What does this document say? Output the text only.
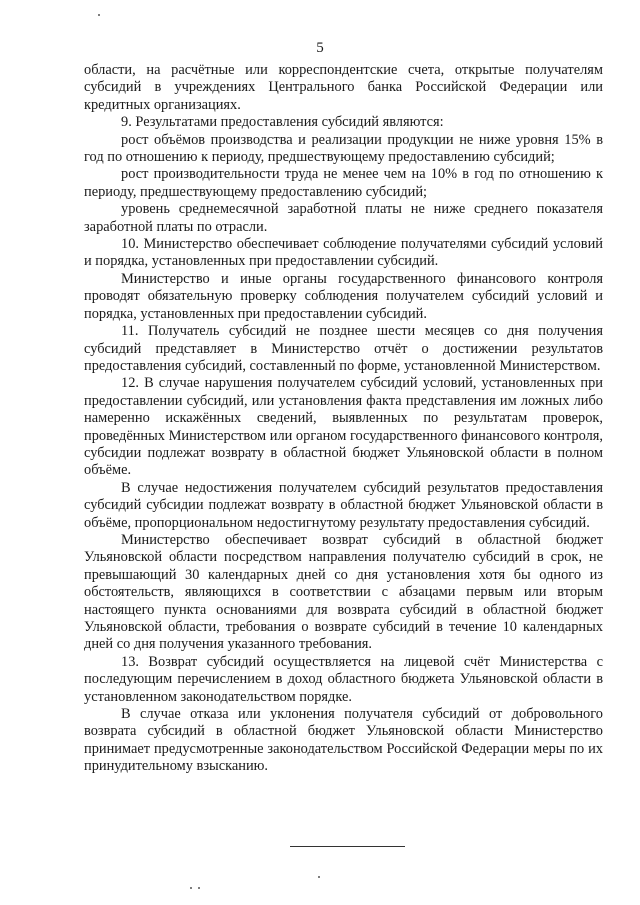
5

области, на расчётные или корреспондентские счета, открытые получателям субсидий в учреждениях Центрального банка Российской Федерации или кредитных организациях.

9. Результатами предоставления субсидий являются:

рост объёмов производства и реализации продукции не ниже уровня 15% в год по отношению к периоду, предшествующему предоставлению субсидий;

рост производительности труда не менее чем на 10% в год по отношению к периоду, предшествующему предоставлению субсидий;

уровень среднемесячной заработной платы не ниже среднего показателя заработной платы по отрасли.

10. Министерство обеспечивает соблюдение получателями субсидий условий и порядка, установленных при предоставлении субсидий.

Министерство и иные органы государственного финансового контроля проводят обязательную проверку соблюдения получателем субсидий условий и порядка, установленных при предоставлении субсидий.

11. Получатель субсидий не позднее шести месяцев со дня получения субсидий представляет в Министерство отчёт о достижении результатов предоставления субсидий, составленный по форме, установленной Министерством.

12. В случае нарушения получателем субсидий условий, установленных при предоставлении субсидий, или установления факта представления им ложных либо намеренно искажённых сведений, выявленных по результатам проверок, проведённых Министерством или органом государственного финансового контроля, субсидии подлежат возврату в областной бюджет Ульяновской области в полном объёме.

В случае недостижения получателем субсидий результатов предоставления субсидий субсидии подлежат возврату в областной бюджет Ульяновской области в объёме, пропорциональном недостигнутому результату предоставления субсидий.

Министерство обеспечивает возврат субсидий в областной бюджет Ульяновской области посредством направления получателю субсидий в срок, не превышающий 30 календарных дней со дня установления хотя бы одного из обстоятельств, являющихся в соответствии с абзацами первым или вторым настоящего пункта основаниями для возврата субсидий в областной бюджет Ульяновской области, требования о возврате субсидий в течение 10 календарных дней со дня получения указанного требования.

13. Возврат субсидий осуществляется на лицевой счёт Министерства с последующим перечислением в доход областного бюджета Ульяновской области в установленном законодательством порядке.

В случае отказа или уклонения получателя субсидий от добровольного возврата субсидий в областной бюджет Ульяновской области Министерство принимает предусмотренные законодательством Российской Федерации меры по их принудительному взысканию.
